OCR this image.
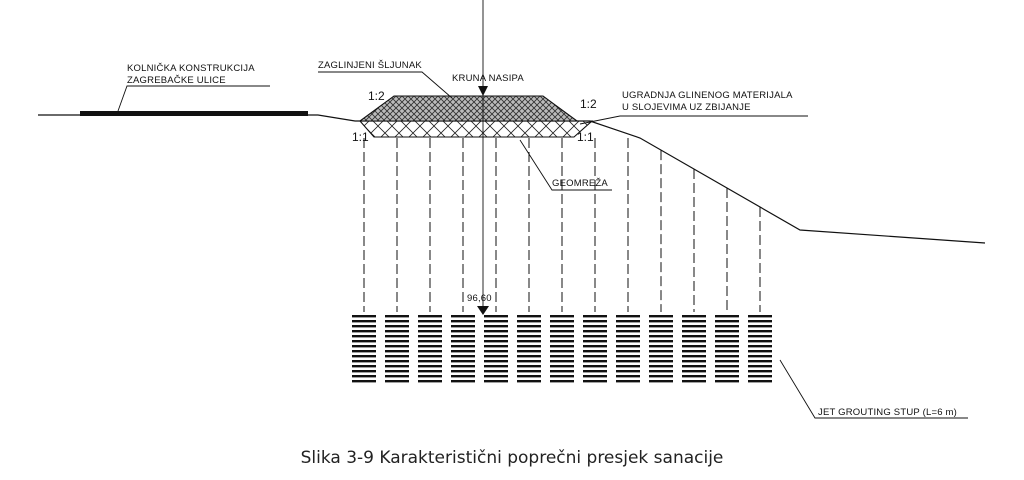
96,60
KOLNIČKA KONSTRUKCIJA
ZAGREBAČKE ULICE
ZAGLINJENI ŠLJUNAK
KRUNA NASIPA
UGRADNJA GLINENOG MATERIJALA
U SLOJEVIMA UZ ZBIJANJE
GEOMREŽA
1:2
1:2
1:1	1:1
JET GROUTING STUP (L=6 m)
Slika 3-9 Karakteristični poprečni presjek sanacije
